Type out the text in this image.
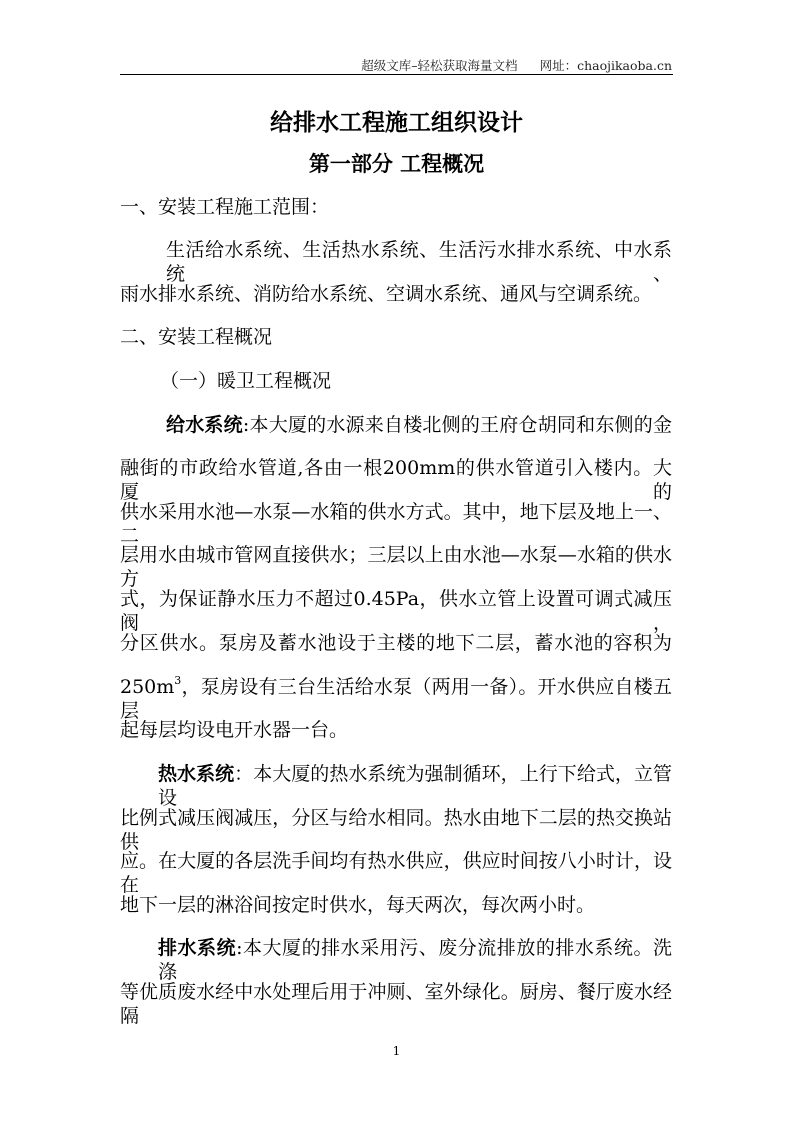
超级文库–轻松获取海量文档 网址：chaojikaoba.cn
给排水工程施工组织设计
第一部分 工程概况
一、安装工程施工范围：
生活给水系统、生活热水系统、生活污水排水系统、中水系统、
雨水排水系统、消防给水系统、空调水系统、通风与空调系统。
二、安装工程概况
（一）暖卫工程概况
给水系统:本大厦的水源来自楼北侧的王府仓胡同和东侧的金
融街的市政给水管道,各由一根200mm的供水管道引入楼内。大厦的
供水采用水池—水泵—水箱的供水方式。其中，地下层及地上一、二
层用水由城市管网直接供水；三层以上由水池—水泵—水箱的供水方
式，为保证静水压力不超过0.45Pa，供水立管上设置可调式减压阀，
分区供水。泵房及蓄水池设于主楼的地下二层，蓄水池的容积为
$250m^3$，泵房设有三台生活给水泵（两用一备）。开水供应自楼五层
起每层均设电开水器一台。
热水系统：本大厦的热水系统为强制循环，上行下给式，立管设
比例式减压阀减压，分区与给水相同。热水由地下二层的热交换站供
应。在大厦的各层洗手间均有热水供应，供应时间按八小时计，设在
地下一层的淋浴间按定时供水，每天两次，每次两小时。
排水系统:本大厦的排水采用污、废分流排放的排水系统。洗涤
等优质废水经中水处理后用于冲厕、室外绿化。厨房、餐厅废水经隔
1
